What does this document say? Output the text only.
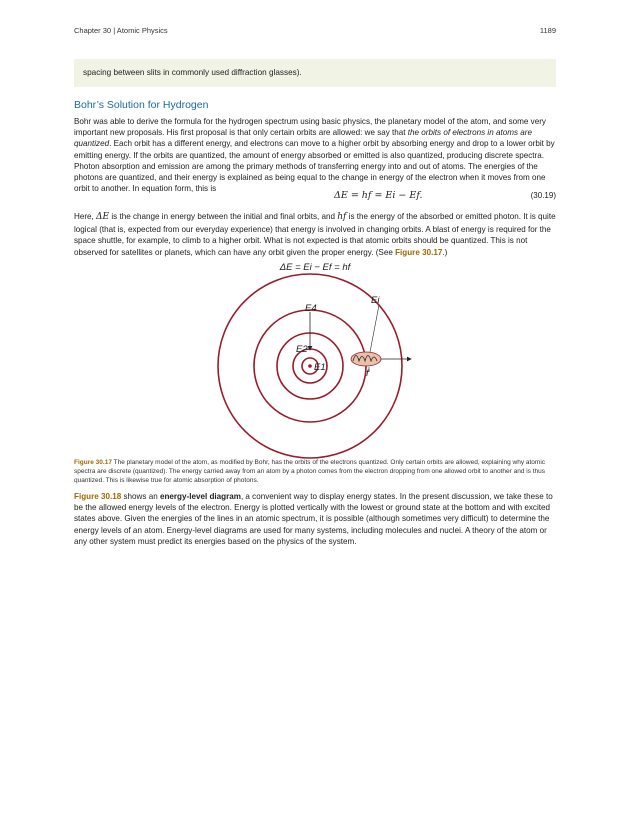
Chapter 30 | Atomic Physics	1189
spacing between slits in commonly used diffraction glasses).
Bohr’s Solution for Hydrogen
Bohr was able to derive the formula for the hydrogen spectrum using basic physics, the planetary model of the atom, and some very important new proposals. His first proposal is that only certain orbits are allowed: we say that the orbits of electrons in atoms are quantized. Each orbit has a different energy, and electrons can move to a higher orbit by absorbing energy and drop to a lower orbit by emitting energy. If the orbits are quantized, the amount of energy absorbed or emitted is also quantized, producing discrete spectra. Photon absorption and emission are among the primary methods of transferring energy into and out of atoms. The energies of the photons are quantized, and their energy is explained as being equal to the change in energy of the electron when it moves from one orbit to another. In equation form, this is
ΔE = hf = Ei − Ef.	(30.19)
Here, ΔE is the change in energy between the initial and final orbits, and hf is the energy of the absorbed or emitted photon. It is quite logical (that is, expected from our everyday experience) that energy is involved in changing orbits. A blast of energy is required for the space shuttle, for example, to climb to a higher orbit. What is not expected is that atomic orbits should be quantized. This is not observed for satellites or planets, which can have any orbit given the proper energy. (See Figure 30.17.)
ΔE = Ei − Ef = hf
E4
Ei
E2
E1
f
Figure 30.17 The planetary model of the atom, as modified by Bohr, has the orbits of the electrons quantized. Only certain orbits are allowed, explaining why atomic spectra are discrete (quantized). The energy carried away from an atom by a photon comes from the electron dropping from one allowed orbit to another and is thus quantized. This is likewise true for atomic absorption of photons.
Figure 30.18 shows an energy-level diagram, a convenient way to display energy states. In the present discussion, we take these to be the allowed energy levels of the electron. Energy is plotted vertically with the lowest or ground state at the bottom and with excited states above. Given the energies of the lines in an atomic spectrum, it is possible (although sometimes very difficult) to determine the energy levels of an atom. Energy-level diagrams are used for many systems, including molecules and nuclei. A theory of the atom or any other system must predict its energies based on the physics of the system.
